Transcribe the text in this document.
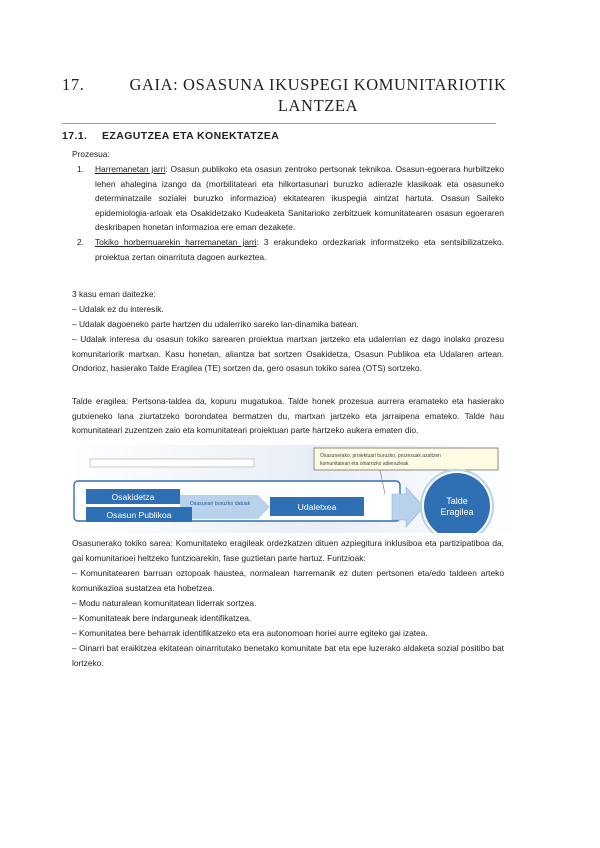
17.	GAIA: OSASUNA IKUSPEGI KOMUNITARIOTIK LANTZEA
17.1. EZAGUTZEA ETA KONEKTATZEA
Prozesua:
1. Harremanetan jarri: Osasun publikoko eta osasun zentroko pertsonak teknikoa. Osasun-egoerara hurbiltzeko lehen ahalegina izango da (morbilitateari eta hilkortasunari buruzko adierazle klasikoak eta osasuneko determinatzaile sozialei buruzko informazioa) ekitatearen ikuspegia aintzat hartuta. Osasun Saileko epidemiologia-arloak eta Osakidetzako Kudeaketa Sanitarioko zerbitzuek komunitatearen osasun egoeraren deskribapen honetan informazioa ere eman dezakete.
2. Tokiko horbernuarekin harremanetan jarri: 3 erakundeko ordezkariak informatzeko eta sentsibilizatzeko. proiektua zertan oinarrituta dagoen aurkeztea.
3 kasu eman daitezke:
– Udalak ez du interesik.
– Udalak dagoeneko parte hartzen du udalerriko sareko lan-dinamika batean.
– Udalak interesa du osasun tokiko sarearen proiektua martxan jartzeko eta udalerrian ez dago inolako prozesu komunitariorik martxan. Kasu honetan, aliantza bat sortzen Osakidetza, Osasun Publikoa eta Udalaren artean. Ondorioz, hasierako Talde Eragilea (TE) sortzen da, gero osasun tokiko sarea (OTS) sortzeko.
Talde eragilea: Pertsona-taldea da, kopuru mugatukoa. Talde honek prozesua aurrera eramateko eta hasierako gutxieneko lana ziurtatzeko borondatea bermatzen du, martxan jartzeko eta jarraipena emateko. Talde hau komunitateari zuzentzen zaio eta komunitateari proiektuan parte hartzeko aukera ematen dio.
Osasunerako, proiektuari buruzko, prozesuak azaltzen
komunitateari eta oinarrizko adierazleak
Osasunari buruzko datuak
Osakidetza
Osasun Publikoa
Udaletxea
Talde
Eragilea
Osasunerako tokiko sarea: Komunitateko eragileak ordezkatzen dituen azpiegitura inklusiboa eta partizipatiboa da, gai komunitarioei heltzeko funtzioarekin, fase guztietan parte hartuz. Funtzioak:
– Komunitatearen barruan oztopoak haustea, normalean harremanik ez duten pertsonen eta/edo taldeen arteko komunikazioa sustatzea eta hobetzea.
– Modu naturalean komunitatean liderrak sortzea.
– Komunitateak bere indarguneak identifikatzea.
– Komunitatea bere beharrak identifikatzeko eta era autonomoan horiei aurre egiteko gai izatea.
– Oinarri bat eraikitzea ekitatean oinarritutako benetako komunitate bat eta epe luzerako aldaketa sozial positibo bat lortzeko.
